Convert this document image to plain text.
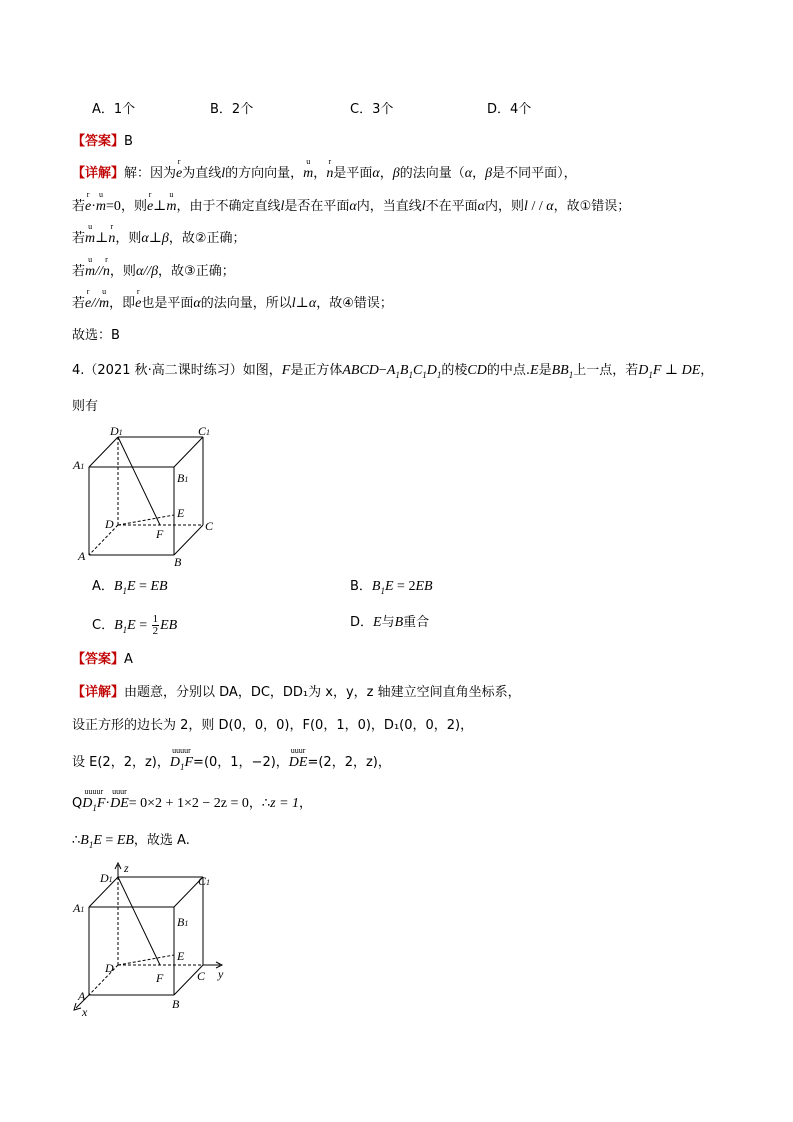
A．1个	B．2个	C．3个	D．4个
【答案】B
【详解】解：因为
r
e为直线l的方向向量，
u
m，
r
n是平面α，β的法向量（α，β是不同平面），
若
r
e·
u
m=0，则
r
e⊥
u
m，由于不确定直线l是否在平面α内，当直线l不在平面α内，则l / / α，故①错误；
若
u
m⊥
r
n，则α⊥β，故②正确；
若
u
m//
r
n，则α//β，故③正确；
若
r
e//
u
m，即
r
e也是平面α的法向量，所以l⊥α，故④错误；
故选：B
4.（2021 秋·高二课时练习）如图，F是正方体$ABCD-A_1B_1C_1D_1$的棱CD的中点.E是$BB_1$上一点，若$D_1F$ ⊥ DE，
则有
D1	C1
A1
B1
D
E
F
C
A	B
A．$B_1E$ = EB	B．$B_1E = 2EB$
C．$B_1E = \frac{1}{2}$ EB	D．E与B重合
【答案】A
【详解】由题意，分别以 DA，DC，DD₁为 x，y，z 轴建立空间直角坐标系，
设正方形的边长为 2，则 D(0，0，0)，F(0，1，0)，D₁(0，0，2)，
设 E(2，2，z)，
uuuur
$D_1F=(0$，1，−2)，
uuur
DE=(2，2，z)，
Q
uuuur
$D_1F\cdot$
uuur
DE= 0×2 + 1×2 − 2z = 0，∴z = 1，
$\therefore B_1E$ = EB，故选 A.
z
y
x
D1	C1
A1
B1
D
E
F	C
A
B
